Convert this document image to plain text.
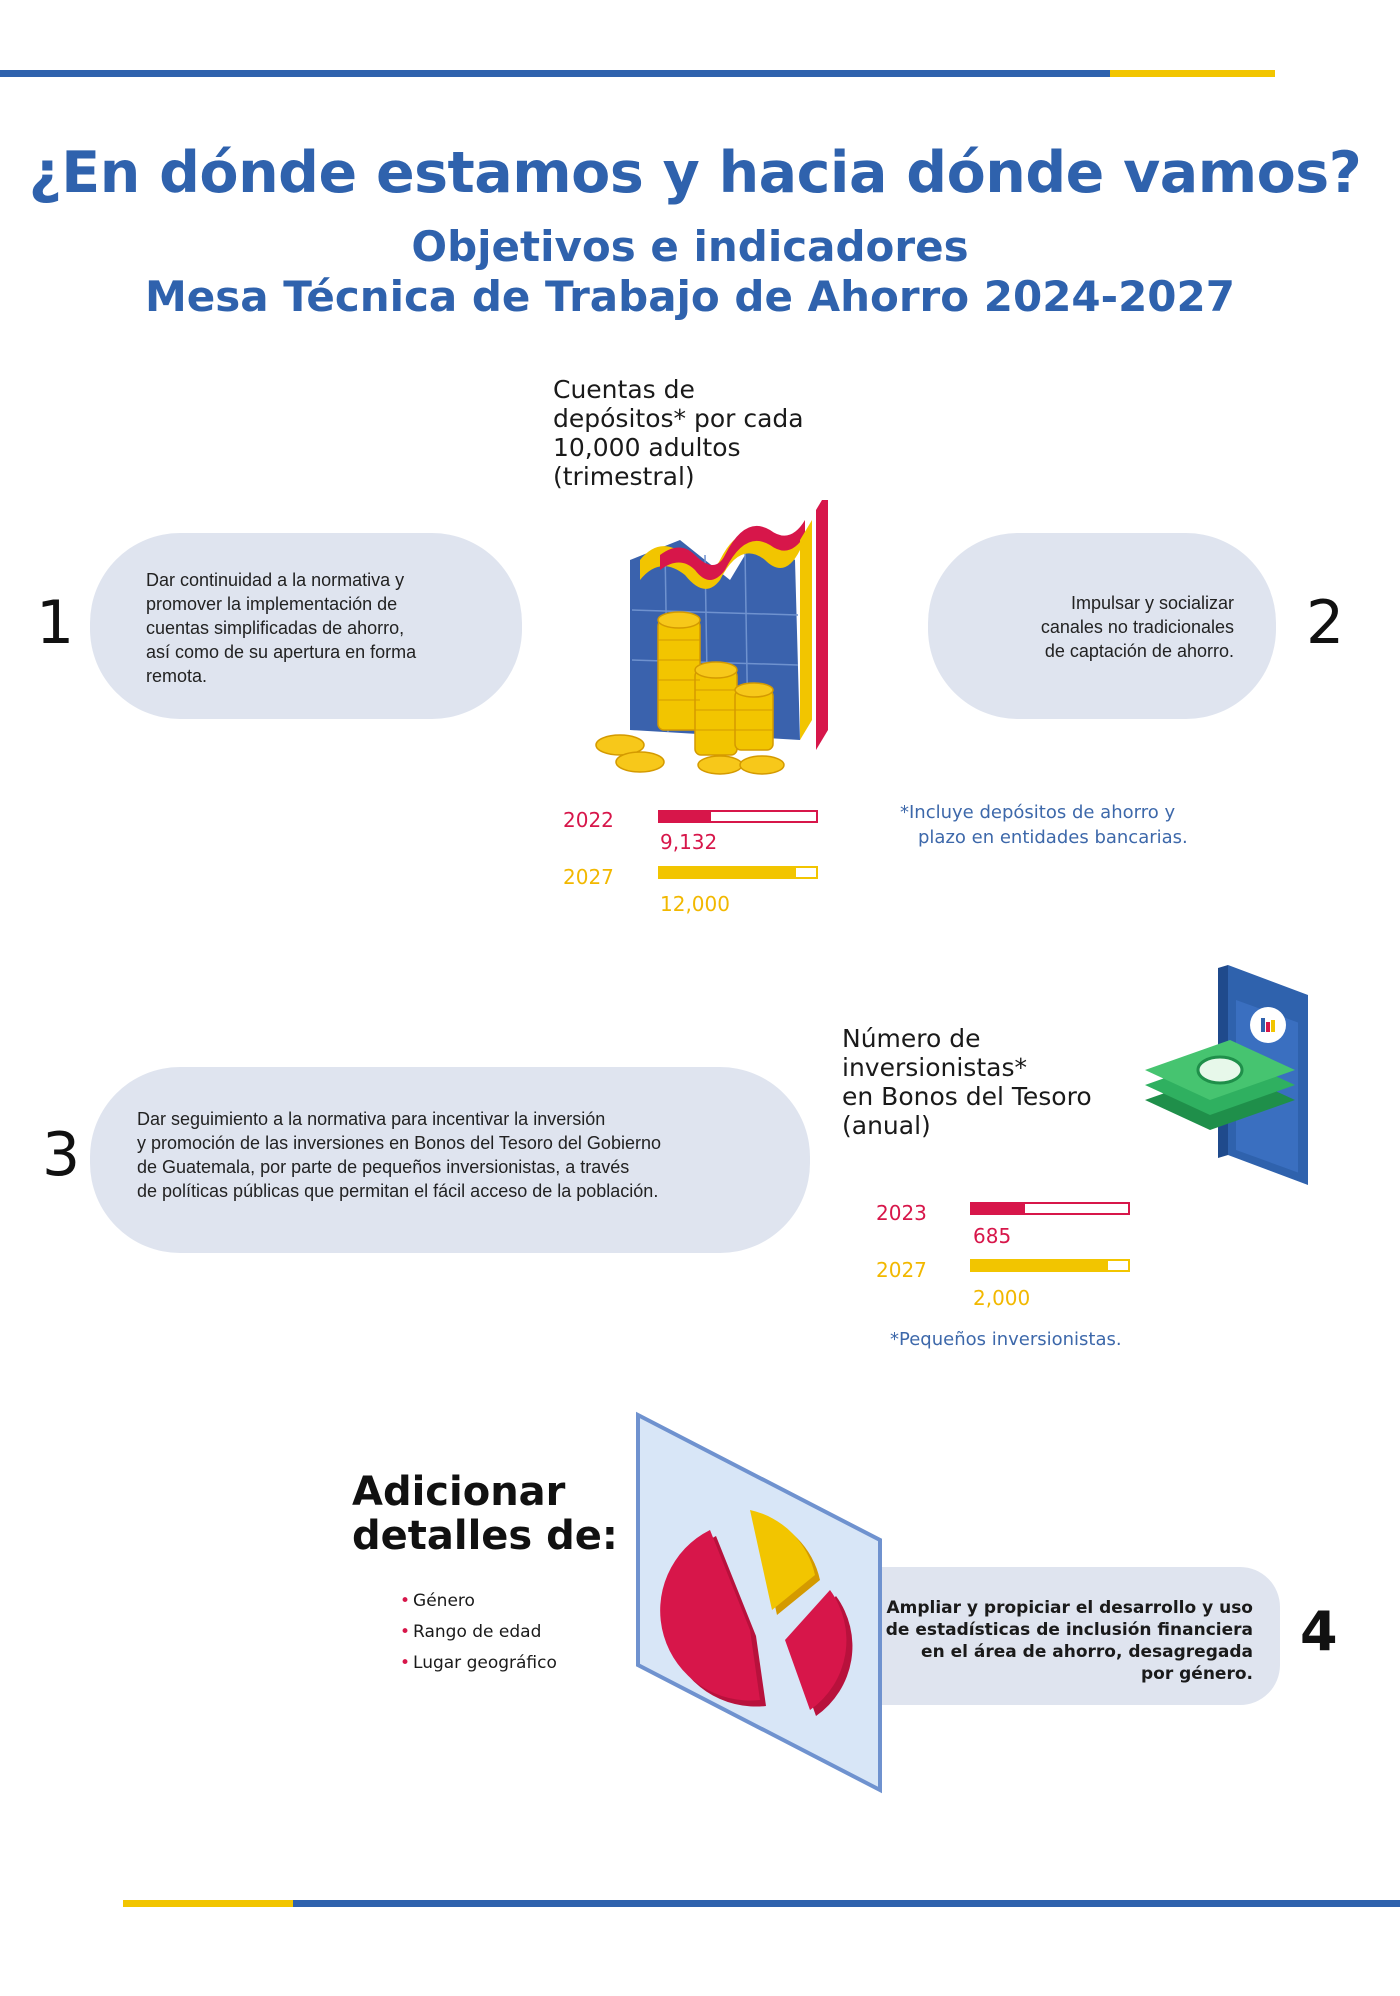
¿En dónde estamos y hacia dónde vamos?

Objetivos e indicadores

Mesa Técnica de Trabajo de Ahorro 2024-2027

Dar continuidad a la normativa y
promover la implementación de
cuentas simplificadas de ahorro,
así como de su apertura en forma
remota.
1	Impulsar y socializar
canales no tradicionales
de captación de ahorro. 2
Cuentas de
depósitos* por cada
10,000 adultos
(trimestral)
2022
9,132
2027
12,000
*Incluye depósitos de ahorro y
plazo en entidades bancarias.
Dar seguimiento a la normativa para incentivar la inversión
y promoción de las inversiones en Bonos del Tesoro del Gobierno
de Guatemala, por parte de pequeños inversionistas, a través
de políticas públicas que permitan el fácil acceso de la población.
3
Número de
inversionistas*
en Bonos del Tesoro
(anual)
2023
685
2027
2,000
*Pequeños inversionistas.
Adicionar
detalles de:
• Género
• Rango de edad
• Lugar geográfico
Ampliar y propiciar el desarrollo y uso
de estadísticas de inclusión financiera
en el área de ahorro, desagregada
por género.
4
